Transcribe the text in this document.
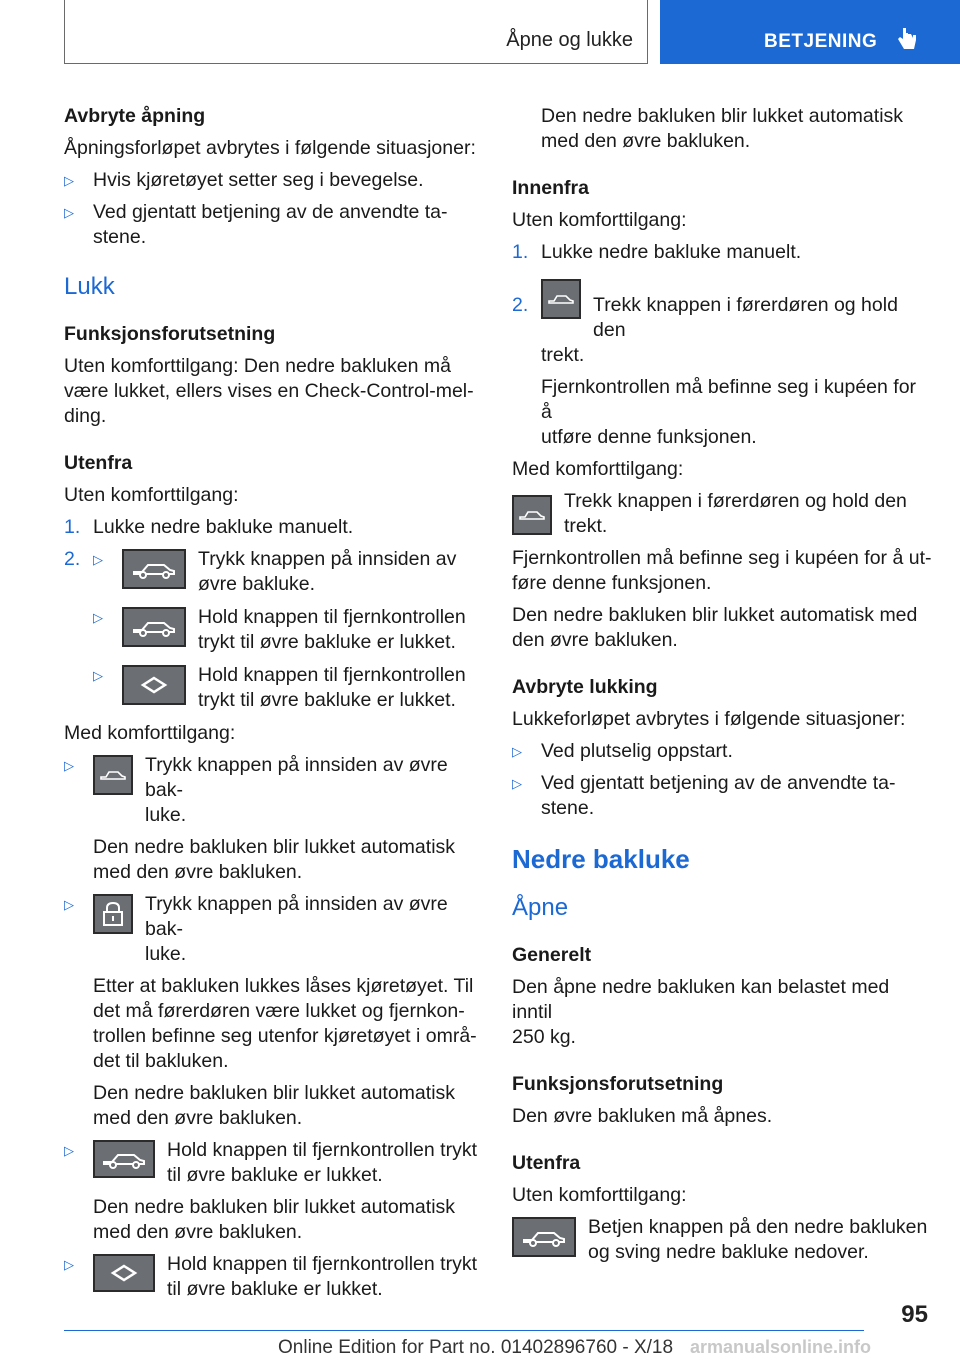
Åpne og lukke	BETJENING

Avbryte åpning

Åpningsforløpet avbrytes i følgende situasjoner:

▷ Hvis kjøretøyet setter seg i bevegelse.
▷ Ved gjentatt betjening av de anvendte ta-
stene.

Lukk

Funksjonsforutsetning

Uten komforttilgang: Den nedre bakluken må
være lukket, ellers vises en Check-Control-mel-
ding.

Utenfra

Uten komforttilgang:

1. Lukke nedre bakluke manuelt.
2. ▷	Trykk knappen på innsiden av
øvre bakluke.
▷	Hold knappen til fjernkontrollen
trykt til øvre bakluke er lukket.
▷	Hold knappen til fjernkontrollen
trykt til øvre bakluke er lukket.

Med komforttilgang:

▷	Trykk knappen på innsiden av øvre bak-
luke.

Den nedre bakluken blir lukket automatisk
med den øvre bakluken.

▷	Trykk knappen på innsiden av øvre bak-
luke.

Etter at bakluken lukkes låses kjøretøyet. Til
det må førerdøren være lukket og fjernkon-
trollen befinne seg utenfor kjøretøyet i områ-
det til bakluken.

Den nedre bakluken blir lukket automatisk
med den øvre bakluken.

▷	Hold knappen til fjernkontrollen trykt
til øvre bakluke er lukket.

Den nedre bakluken blir lukket automatisk
med den øvre bakluken.

▷	Hold knappen til fjernkontrollen trykt
til øvre bakluke er lukket.
Den nedre bakluken blir lukket automatisk
med den øvre bakluken.

Innenfra

Uten komforttilgang:

1. Lukke nedre bakluke manuelt.
2.	Trekk knappen i førerdøren og hold den

trekt.

Fjernkontrollen må befinne seg i kupéen for å
utføre denne funksjonen.

Med komforttilgang:

Trekk knappen i førerdøren og hold den
trekt.

Fjernkontrollen må befinne seg i kupéen for å ut-
føre denne funksjonen.

Den nedre bakluken blir lukket automatisk med
den øvre bakluken.

Avbryte lukking

Lukkeforløpet avbrytes i følgende situasjoner:

▷ Ved plutselig oppstart.
▷ Ved gjentatt betjening av de anvendte ta-
stene.

Nedre bakluke

Åpne

Generelt

Den åpne nedre bakluken kan belastet med inntil
250 kg.

Funksjonsforutsetning

Den øvre bakluken må åpnes.

Utenfra

Uten komforttilgang:

Betjen knappen på den nedre bakluken
og sving nedre bakluke nedover.
95
Online Edition for Part no. 01402896760 - X/18 armanualsonline.info
